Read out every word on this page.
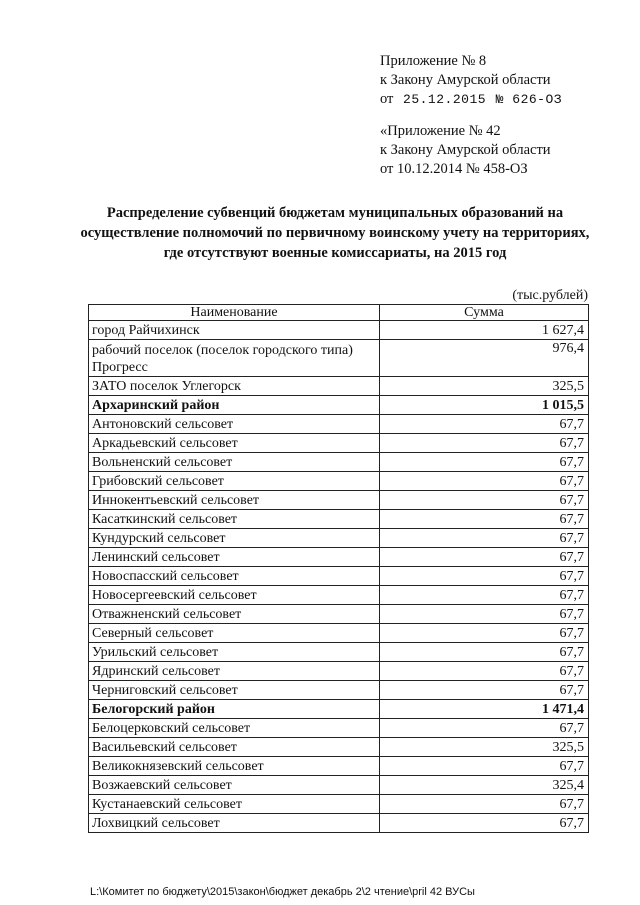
Приложение № 8
к Закону Амурской области
от 25.12.2015 № 626-ОЗ
«Приложение № 42
к Закону Амурской области
от 10.12.2014 № 458-ОЗ
Распределение субвенций бюджетам муниципальных образований на осуществление полномочий по первичному воинскому учету на территориях, где отсутствуют военные комиссариаты, на 2015 год
(тыс.рублей)
Наименование	Сумма
город Райчихинск	1 627,4
рабочий поселок (поселок городского типа) Прогресс	976,4
ЗАТО поселок Углегорск	325,5
Архаринский район	1 015,5
Антоновский сельсовет	67,7
Аркадьевский сельсовет	67,7
Вольненский сельсовет	67,7
Грибовский сельсовет	67,7
Иннокентьевский сельсовет	67,7
Касаткинский сельсовет	67,7
Кундурский сельсовет	67,7
Ленинский сельсовет	67,7
Новоспасский сельсовет	67,7
Новосергеевский сельсовет	67,7
Отважненский сельсовет	67,7
Северный сельсовет	67,7
Урильский сельсовет	67,7
Ядринский сельсовет	67,7
Черниговский сельсовет	67,7
Белогорский район	1 471,4
Белоцерковский сельсовет	67,7
Васильевский сельсовет	325,5
Великокнязевский сельсовет	67,7
Возжаевский сельсовет	325,4
Кустанаевский сельсовет	67,7
Лохвицкий сельсовет	67,7
L:\Комитет по бюджету\2015\закон\бюджет декабрь 2\2 чтение\pril 42 ВУСы
